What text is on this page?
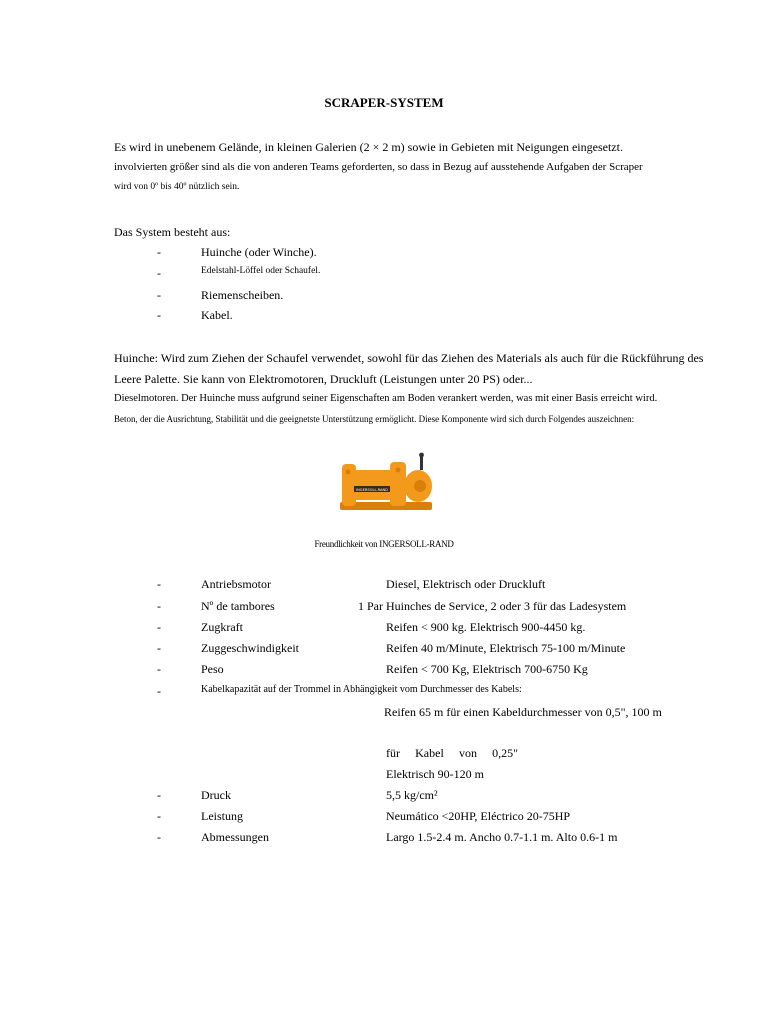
SCRAPER-SYSTEM
Es wird in unebenem Gelände, in kleinen Galerien (2 × 2 m) sowie in Gebieten mit Neigungen eingesetzt.
involvierten größer sind als die von anderen Teams geforderten, so dass in Bezug auf ausstehende Aufgaben der Scraper
wird von 0º bis 40º nützlich sein.
Das System besteht aus:
-	Huinche (oder Winche).
-	Edelstahl-Löffel oder Schaufel.
-	Riemenscheiben.
-	Kabel.
Huinche: Wird zum Ziehen der Schaufel verwendet, sowohl für das Ziehen des Materials als auch für die Rückführung des
Leere Palette. Sie kann von Elektromotoren, Druckluft (Leistungen unter 20 PS) oder...
Dieselmotoren. Der Huinche muss aufgrund seiner Eigenschaften am Boden verankert werden, was mit einer Basis erreicht wird.
Beton, der die Ausrichtung, Stabilität und die geeignetste Unterstützung ermöglicht. Diese Komponente wird sich durch Folgendes auszeichnen:
INGERSOLL-RAND
Freundlichkeit von INGERSOLL-RAND
-	Antriebsmotor	Diesel, Elektrisch oder Druckluft
-	Nº de tambores	1 Par Huinches de Service, 2 oder 3 für das Ladesystem
-	Zugkraft	Reifen < 900 kg. Elektrisch 900-4450 kg.
-	Zuggeschwindigkeit	Reifen 40 m/Minute, Elektrisch 75-100 m/Minute
-	Peso	Reifen < 700 Kg, Elektrisch 700-6750 Kg
-	Kabelkapazität auf der Trommel in Abhängigkeit vom Durchmesser des Kabels:
Reifen 65 m für einen Kabeldurchmesser von 0,5", 100 m
für Kabel von 0,25"
Elektrisch 90-120 m
-	Druck	5,5 kg/cm²
-	Leistung	Neumático <20HP, Eléctrico 20-75HP
-	Abmessungen	Largo 1.5-2.4 m. Ancho 0.7-1.1 m. Alto 0.6-1 m
